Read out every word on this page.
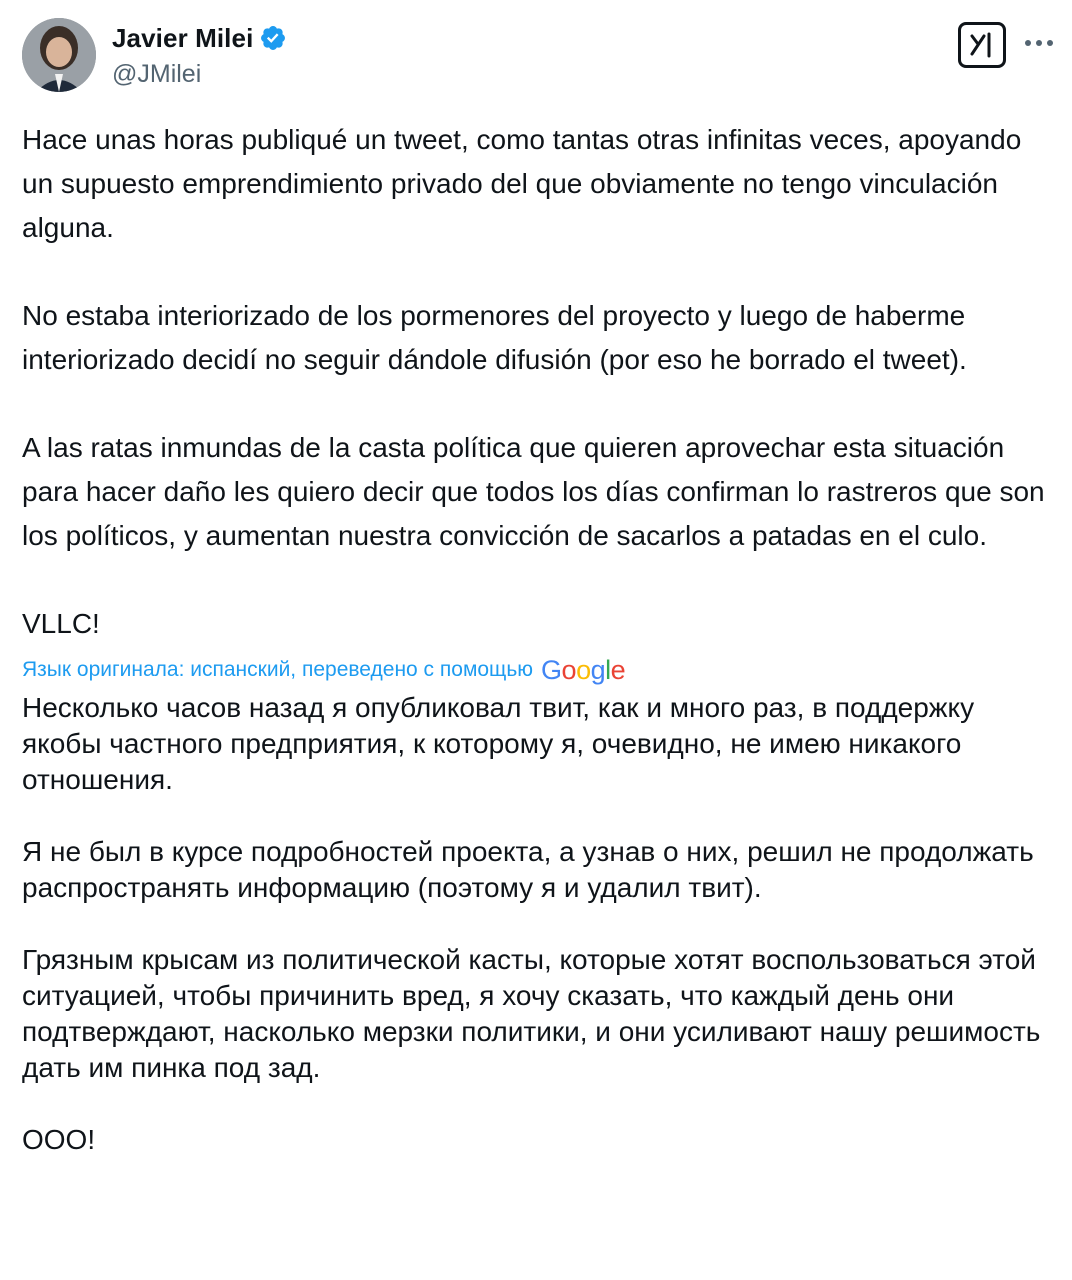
Javier Milei
@JMilei

Hace unas horas publiqué un tweet, como tantas otras infinitas veces, apoyando un supuesto emprendimiento privado del que obviamente no tengo vinculación alguna.

No estaba interiorizado de los pormenores del proyecto y luego de haberme interiorizado decidí no seguir dándole difusión (por eso he borrado el tweet).

A las ratas inmundas de la casta política que quieren aprovechar esta situación para hacer daño les quiero decir que todos los días confirman lo rastreros que son los políticos, y aumentan nuestra convicción de sacarlos a patadas en el culo.

VLLC!

Язык оригинала: испанский, переведено с помощью Google

Несколько часов назад я опубликовал твит, как и много раз, в поддержку якобы частного предприятия, к которому я, очевидно, не имею никакого отношения.

Я не был в курсе подробностей проекта, а узнав о них, решил не продолжать распространять информацию (поэтому я и удалил твит).

Грязным крысам из политической касты, которые хотят воспользоваться этой ситуацией, чтобы причинить вред, я хочу сказать, что каждый день они подтверждают, насколько мерзки политики, и они усиливают нашу решимость дать им пинка под зад.

ООО!
